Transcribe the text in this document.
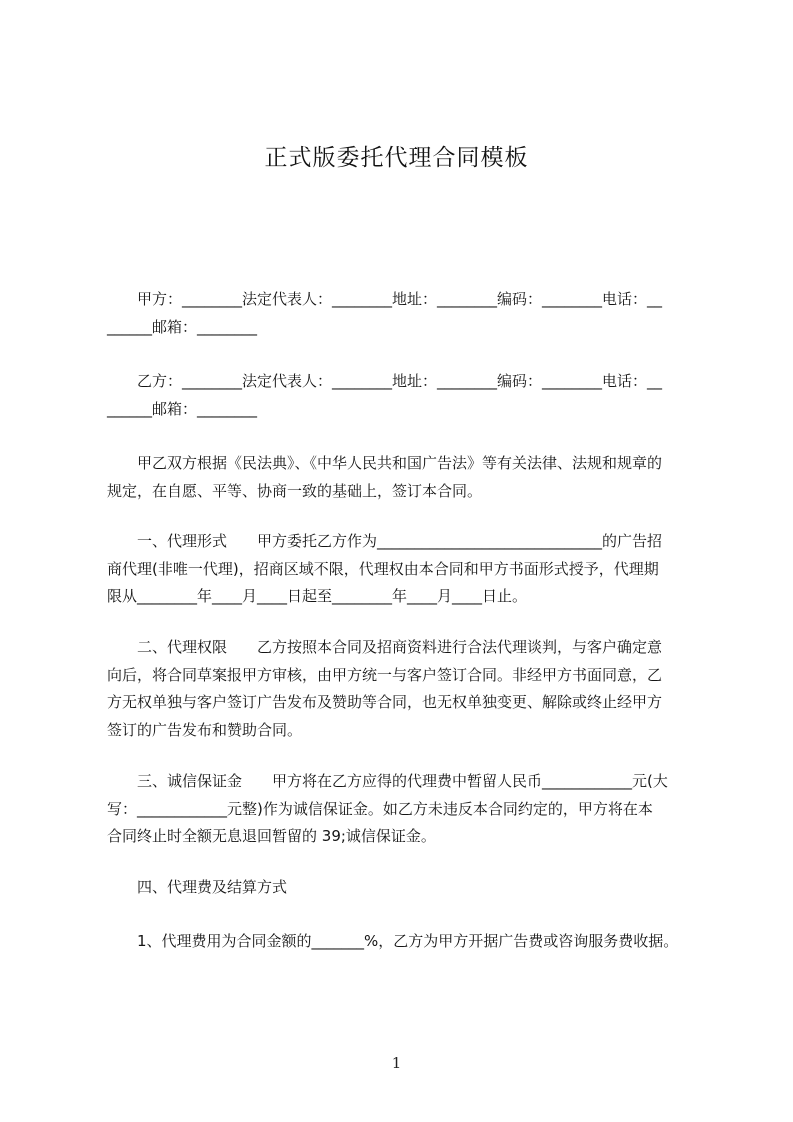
正式版委托代理合同模板
　　甲方：________法定代表人：________地址：________编码：________电话：__
______邮箱：________
　　乙方：________法定代表人：________地址：________编码：________电话：__
______邮箱：________
　　甲乙双方根据《民法典》、《中华人民共和国广告法》等有关法律、法规和规章的
规定，在自愿、平等、协商一致的基础上，签订本合同。
　　一、代理形式　　甲方委托乙方作为______________________________的广告招
商代理(非唯一代理)，招商区域不限，代理权由本合同和甲方书面形式授予，代理期
限从________年____月____日起至________年____月____日止。
　　二、代理权限　　乙方按照本合同及招商资料进行合法代理谈判，与客户确定意
向后，将合同草案报甲方审核，由甲方统一与客户签订合同。非经甲方书面同意，乙
方无权单独与客户签订广告发布及赞助等合同，也无权单独变更、解除或终止经甲方
签订的广告发布和赞助合同。
　　三、诚信保证金　　甲方将在乙方应得的代理费中暂留人民币____________元(大
写：____________元整)作为诚信保证金。如乙方未违反本合同约定的，甲方将在本
合同终止时全额无息退回暂留的 39;诚信保证金。
　　四、代理费及结算方式
　　1、代理费用为合同金额的_______%，乙方为甲方开据广告费或咨询服务费收据。
1
